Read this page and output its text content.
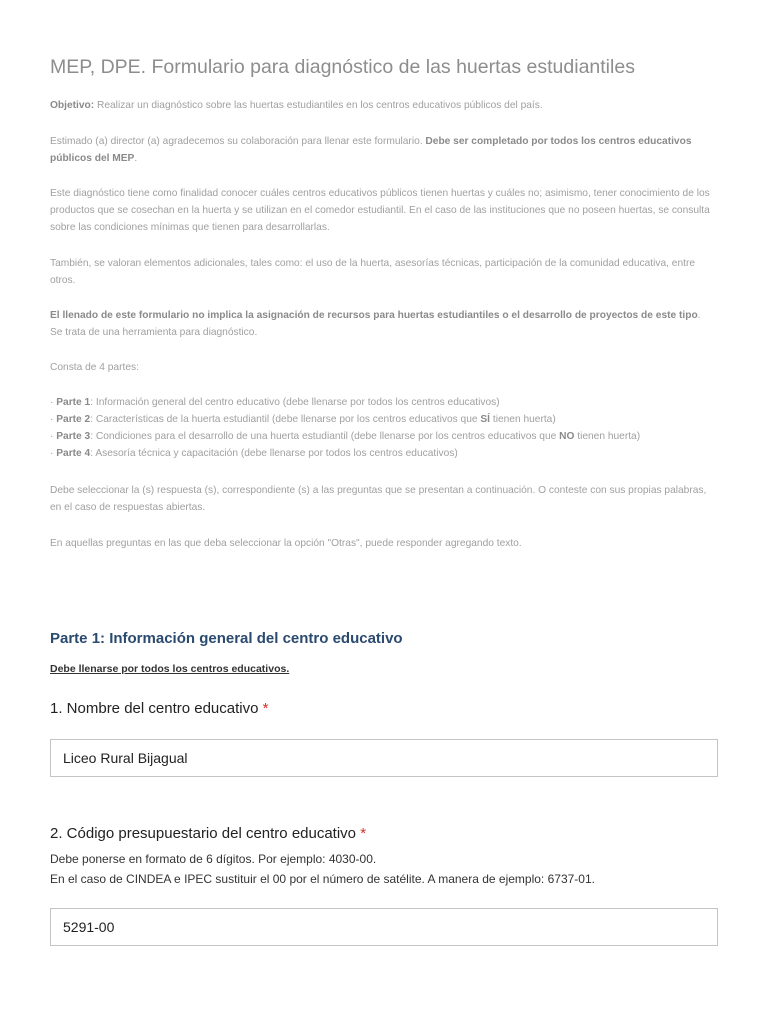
MEP, DPE. Formulario para diagnóstico de las huertas estudiantiles

Objetivo: Realizar un diagnóstico sobre las huertas estudiantiles en los centros educativos públicos del país.

Estimado (a) director (a) agradecemos su colaboración para llenar este formulario. Debe ser completado por todos los centros educativos públicos del MEP.

Este diagnóstico tiene como finalidad conocer cuáles centros educativos públicos tienen huertas y cuáles no; asimismo, tener conocimiento de los productos que se cosechan en la huerta y se utilizan en el comedor estudiantil. En el caso de las instituciones que no poseen huertas, se consulta sobre las condiciones mínimas que tienen para desarrollarlas.

También, se valoran elementos adicionales, tales como: el uso de la huerta, asesorías técnicas, participación de la comunidad educativa, entre otros.

El llenado de este formulario no implica la asignación de recursos para huertas estudiantiles o el desarrollo de proyectos de este tipo. Se trata de una herramienta para diagnóstico.

Consta de 4 partes:

· Parte 1: Información general del centro educativo (debe llenarse por todos los centros educativos)
· Parte 2: Características de la huerta estudiantil (debe llenarse por los centros educativos que SÍ tienen huerta)
· Parte 3: Condiciones para el desarrollo de una huerta estudiantil (debe llenarse por los centros educativos que NO tienen huerta)
· Parte 4: Asesoría técnica y capacitación (debe llenarse por todos los centros educativos)

Debe seleccionar la (s) respuesta (s), correspondiente (s) a las preguntas que se presentan a continuación. O conteste con sus propias palabras, en el caso de respuestas abiertas.

En aquellas preguntas en las que deba seleccionar la opción "Otras", puede responder agregando texto.

Parte 1: Información general del centro educativo

Debe llenarse por todos los centros educativos.

1. Nombre del centro educativo *
Liceo Rural Bijagual
2. Código presupuestario del centro educativo *

Debe ponerse en formato de 6 dígitos. Por ejemplo: 4030-00.
En el caso de CINDEA e IPEC sustituir el 00 por el número de satélite. A manera de ejemplo: 6737-01.

5291-00
